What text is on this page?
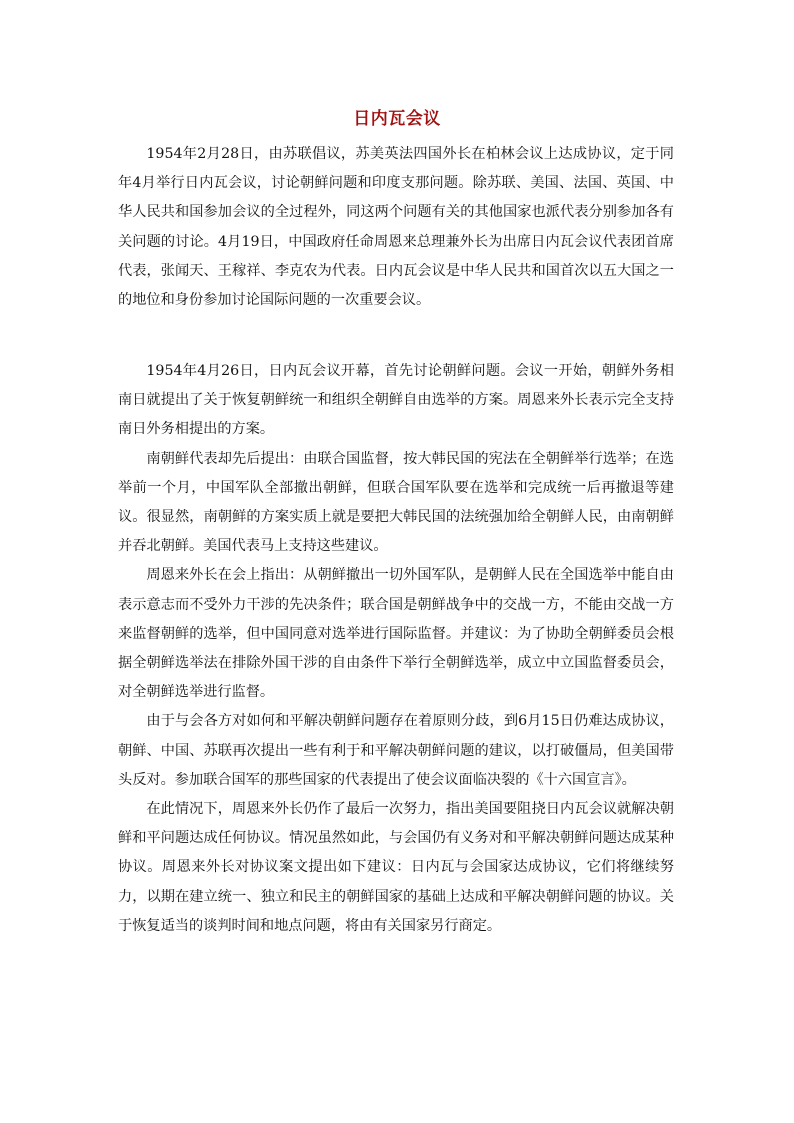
日内瓦会议

1954年2月28日，由苏联倡议，苏美英法四国外长在柏林会议上达成协议，定于同年4月举行日内瓦会议，讨论朝鲜问题和印度支那问题。除苏联、美国、法国、英国、中华人民共和国参加会议的全过程外，同这两个问题有关的其他国家也派代表分别参加各有关问题的讨论。4月19日，中国政府任命周恩来总理兼外长为出席日内瓦会议代表团首席代表，张闻天、王稼祥、李克农为代表。日内瓦会议是中华人民共和国首次以五大国之一的地位和身份参加讨论国际问题的一次重要会议。

1954年4月26日，日内瓦会议开幕，首先讨论朝鲜问题。会议一开始，朝鲜外务相南日就提出了关于恢复朝鲜统一和组织全朝鲜自由选举的方案。周恩来外长表示完全支持南日外务相提出的方案。

南朝鲜代表却先后提出：由联合国监督，按大韩民国的宪法在全朝鲜举行选举；在选举前一个月，中国军队全部撤出朝鲜，但联合国军队要在选举和完成统一后再撤退等建议。很显然，南朝鲜的方案实质上就是要把大韩民国的法统强加给全朝鲜人民，由南朝鲜并吞北朝鲜。美国代表马上支持这些建议。

周恩来外长在会上指出：从朝鲜撤出一切外国军队，是朝鲜人民在全国选举中能自由表示意志而不受外力干涉的先决条件；联合国是朝鲜战争中的交战一方，不能由交战一方来监督朝鲜的选举，但中国同意对选举进行国际监督。并建议：为了协助全朝鲜委员会根据全朝鲜选举法在排除外国干涉的自由条件下举行全朝鲜选举，成立中立国监督委员会，对全朝鲜选举进行监督。

由于与会各方对如何和平解决朝鲜问题存在着原则分歧，到6月15日仍难达成协议，朝鲜、中国、苏联再次提出一些有利于和平解决朝鲜问题的建议，以打破僵局，但美国带头反对。参加联合国军的那些国家的代表提出了使会议面临决裂的《十六国宣言》。

在此情况下，周恩来外长仍作了最后一次努力，指出美国要阻挠日内瓦会议就解决朝鲜和平问题达成任何协议。情况虽然如此，与会国仍有义务对和平解决朝鲜问题达成某种协议。周恩来外长对协议案文提出如下建议：日内瓦与会国家达成协议，它们将继续努力，以期在建立统一、独立和民主的朝鲜国家的基础上达成和平解决朝鲜问题的协议。关于恢复适当的谈判时间和地点问题，将由有关国家另行商定。
